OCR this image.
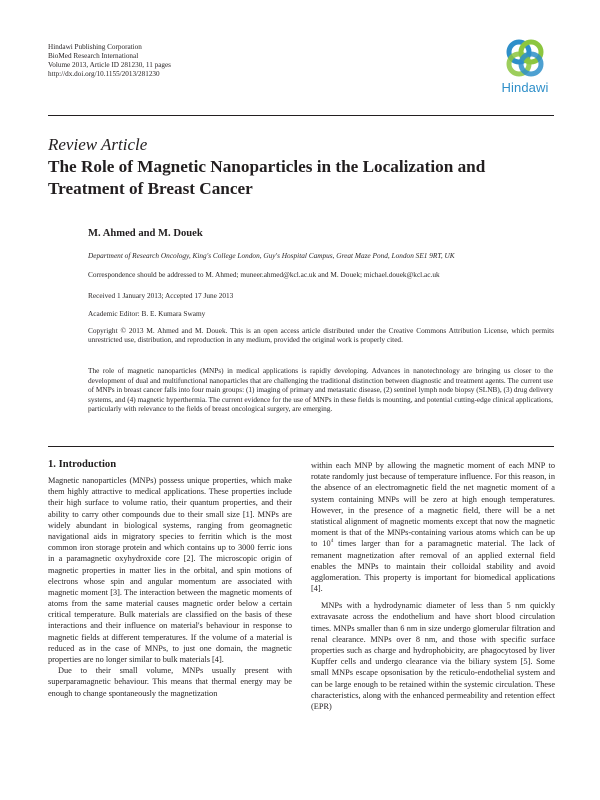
Hindawi Publishing Corporation
BioMed Research International
Volume 2013, Article ID 281230, 11 pages
http://dx.doi.org/10.1155/2013/281230
Hindawi
Review Article
The Role of Magnetic Nanoparticles in the Localization and Treatment of Breast Cancer
M. Ahmed and M. Douek
Department of Research Oncology, King's College London, Guy's Hospital Campus, Great Maze Pond, London SE1 9RT, UK
Correspondence should be addressed to M. Ahmed; muneer.ahmed@kcl.ac.uk and M. Douek; michael.douek@kcl.ac.uk
Received 1 January 2013; Accepted 17 June 2013
Academic Editor: B. E. Kumara Swamy
Copyright © 2013 M. Ahmed and M. Douek. This is an open access article distributed under the Creative Commons Attribution License, which permits unrestricted use, distribution, and reproduction in any medium, provided the original work is properly cited.
The role of magnetic nanoparticles (MNPs) in medical applications is rapidly developing. Advances in nanotechnology are bringing us closer to the development of dual and multifunctional nanoparticles that are challenging the traditional distinction between diagnostic and treatment agents. The current use of MNPs in breast cancer falls into four main groups: (1) imaging of primary and metastatic disease, (2) sentinel lymph node biopsy (SLNB), (3) drug delivery systems, and (4) magnetic hyperthermia. The current evidence for the use of MNPs in these fields is mounting, and potential cutting-edge clinical applications, particularly with relevance to the fields of breast oncological surgery, are emerging.
1. Introduction

Magnetic nanoparticles (MNPs) possess unique properties, which make them highly attractive to medical applications. These properties include their high surface to volume ratio, their quantum properties, and their ability to carry other compounds due to their small size [1]. MNPs are widely abundant in biological systems, ranging from geomagnetic navigational aids in migratory species to ferritin which is the most common iron storage protein and which contains up to 3000 ferric ions in a paramagnetic oxyhydroxide core [2]. The microscopic origin of magnetic properties in matter lies in the orbital, and spin motions of electrons whose spin and angular momentum are associated with magnetic moment [3]. The interaction between the magnetic moments of atoms from the same material causes magnetic order below a certain critical temperature. Bulk materials are classified on the basis of these interactions and their influence on material's behaviour in response to magnetic fields at different temperatures. If the volume of a material is reduced as in the case of MNPs, to just one domain, the magnetic properties are no longer similar to bulk materials [4].

Due to their small volume, MNPs usually present with superparamagnetic behaviour. This means that thermal energy may be enough to change spontaneously the magnetization

within each MNP by allowing the magnetic moment of each MNP to rotate randomly just because of temperature influence. For this reason, in the absence of an electromagnetic field the net magnetic moment of a system containing MNPs will be zero at high enough temperatures. However, in the presence of a magnetic field, there will be a net statistical alignment of magnetic moments except that now the magnetic moment is that of the MNPs-containing various atoms which can be up to $10^4$ times larger than for a paramagnetic material. The lack of remanent magnetization after removal of an applied external field enables the MNPs to maintain their colloidal stability and avoid agglomeration. This property is important for biomedical applications [4].

MNPs with a hydrodynamic diameter of less than 5 nm quickly extravasate across the endothelium and have short blood circulation times. MNPs smaller than 6 nm in size undergo glomerular filtration and renal clearance. MNPs over 8 nm, and those with specific surface properties such as charge and hydrophobicity, are phagocytosed by liver Kupffer cells and undergo clearance via the biliary system [5]. Some small MNPs escape opsonisation by the reticulo-endothelial system and can be large enough to be retained within the systemic circulation. These characteristics, along with the enhanced permeability and retention effect (EPR)
